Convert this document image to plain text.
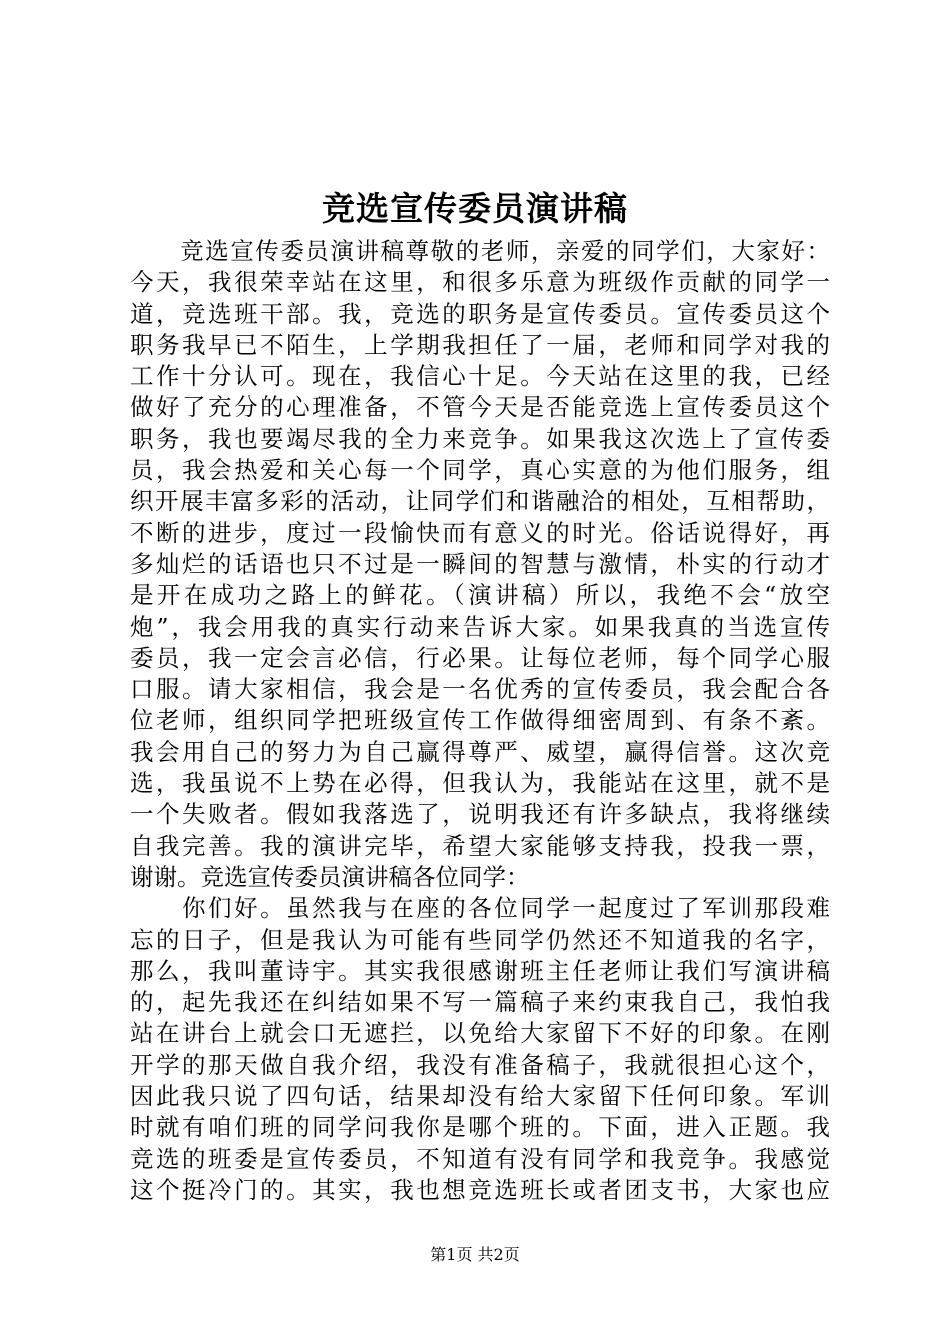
竞选宣传委员演讲稿
　　竞选宣传委员演讲稿尊敬的老师，亲爱的同学们，大家好：
今天，我很荣幸站在这里，和很多乐意为班级作贡献的同学一
道，竞选班干部。我，竞选的职务是宣传委员。宣传委员这个
职务我早已不陌生，上学期我担任了一届，老师和同学对我的
工作十分认可。现在，我信心十足。今天站在这里的我，已经
做好了充分的心理准备，不管今天是否能竞选上宣传委员这个
职务，我也要竭尽我的全力来竞争。如果我这次选上了宣传委
员，我会热爱和关心每一个同学，真心实意的为他们服务，组
织开展丰富多彩的活动，让同学们和谐融洽的相处，互相帮助，
不断的进步，度过一段愉快而有意义的时光。俗话说得好，再
多灿烂的话语也只不过是一瞬间的智慧与激情，朴实的行动才
是开在成功之路上的鲜花。（演讲稿）所以，我绝不会“放空
炮”，我会用我的真实行动来告诉大家。如果我真的当选宣传
委员，我一定会言必信，行必果。让每位老师，每个同学心服
口服。请大家相信，我会是一名优秀的宣传委员，我会配合各
位老师，组织同学把班级宣传工作做得细密周到、有条不紊。
我会用自己的努力为自己赢得尊严、威望，赢得信誉。这次竞
选，我虽说不上势在必得，但我认为，我能站在这里，就不是
一个失败者。假如我落选了，说明我还有许多缺点，我将继续
自我完善。我的演讲完毕，希望大家能够支持我，投我一票，
谢谢。竞选宣传委员演讲稿各位同学：
　　你们好。虽然我与在座的各位同学一起度过了军训那段难
忘的日子，但是我认为可能有些同学仍然还不知道我的名字，
那么，我叫董诗宇。其实我很感谢班主任老师让我们写演讲稿
的，起先我还在纠结如果不写一篇稿子来约束我自己，我怕我
站在讲台上就会口无遮拦，以免给大家留下不好的印象。在刚
开学的那天做自我介绍，我没有准备稿子，我就很担心这个，
因此我只说了四句话，结果却没有给大家留下任何印象。军训
时就有咱们班的同学问我你是哪个班的。下面，进入正题。我
竞选的班委是宣传委员，不知道有没有同学和我竞争。我感觉
这个挺冷门的。其实，我也想竞选班长或者团支书，大家也应
第1页 共2页
